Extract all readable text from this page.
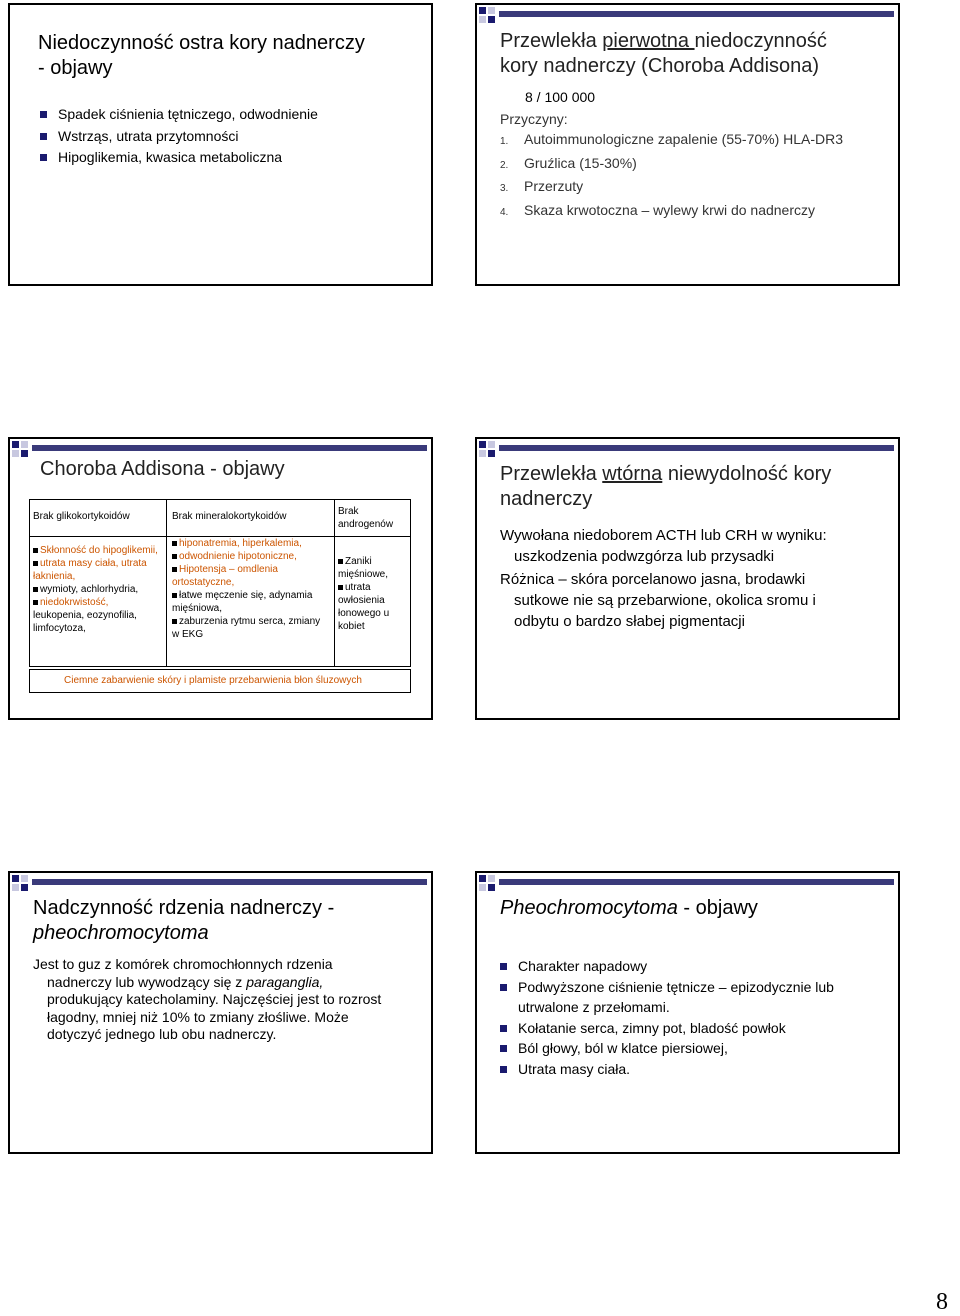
Niedoczynność ostra kory nadnerczy
- objawy
Spadek ciśnienia tętniczego, odwodnienie
Wstrząs, utrata przytomności
Hipoglikemia, kwasica metaboliczna
Przewlekła pierwotna niedoczynność
kory nadnerczy (Choroba Addisona)
8 / 100 000
Przyczyny:
1. Autoimmunologiczne zapalenie (55-70%) HLA-DR3
2. Gruźlica (15-30%)
3. Przerzuty
4. Skaza krwotoczna – wylewy krwi do nadnerczy
Choroba Addisona - objawy
Brak glikokortykoidów	Brak mineralokortykoidów	Brak androgenów
Skłonność do hipoglikemii,
utrata masy ciała, utrata
łaknienia,
wymioty, achlorhydria,
niedokrwistość,
leukopenia, eozynofilia,
limfocytoza,
hiponatremia, hiperkalemia,
odwodnienie hipotoniczne,
Hipotensja – omdlenia
ortostatyczne,
łatwe męczenie się, adynamia
mięśniowa,
zaburzenia rytmu serca, zmiany
w EKG
Zaniki
mięśniowe,
utrata
owłosienia
łonowego u
kobiet
Ciemne zabarwienie skóry i plamiste przebarwienia błon śluzowych
Przewlekła wtórna niewydolność kory
nadnerczy
Wywołana niedoborem ACTH lub CRH w wyniku:
uszkodzenia podwzgórza lub przysadki
Różnica – skóra porcelanowo jasna, brodawki
sutkowe nie są przebarwione, okolica sromu i
odbytu o bardzo słabej pigmentacji
Nadczynność rdzenia nadnerczy -
pheochromocytoma
Jest to guz z komórek chromochłonnych rdzenia
nadnerczy lub wywodzący się z paraganglia,
produkujący katecholaminy. Najczęściej jest to rozrost
łagodny, mniej niż 10% to zmiany złośliwe. Może
dotyczyć jednego lub obu nadnerczy.
Pheochromocytoma - objawy
Charakter napadowy
Podwyższone ciśnienie tętnicze – epizodycznie lub
utrwalone z przełomami.
Kołatanie serca, zimny pot, bladość powłok
Ból głowy, ból w klatce piersiowej,
Utrata masy ciała.
8
